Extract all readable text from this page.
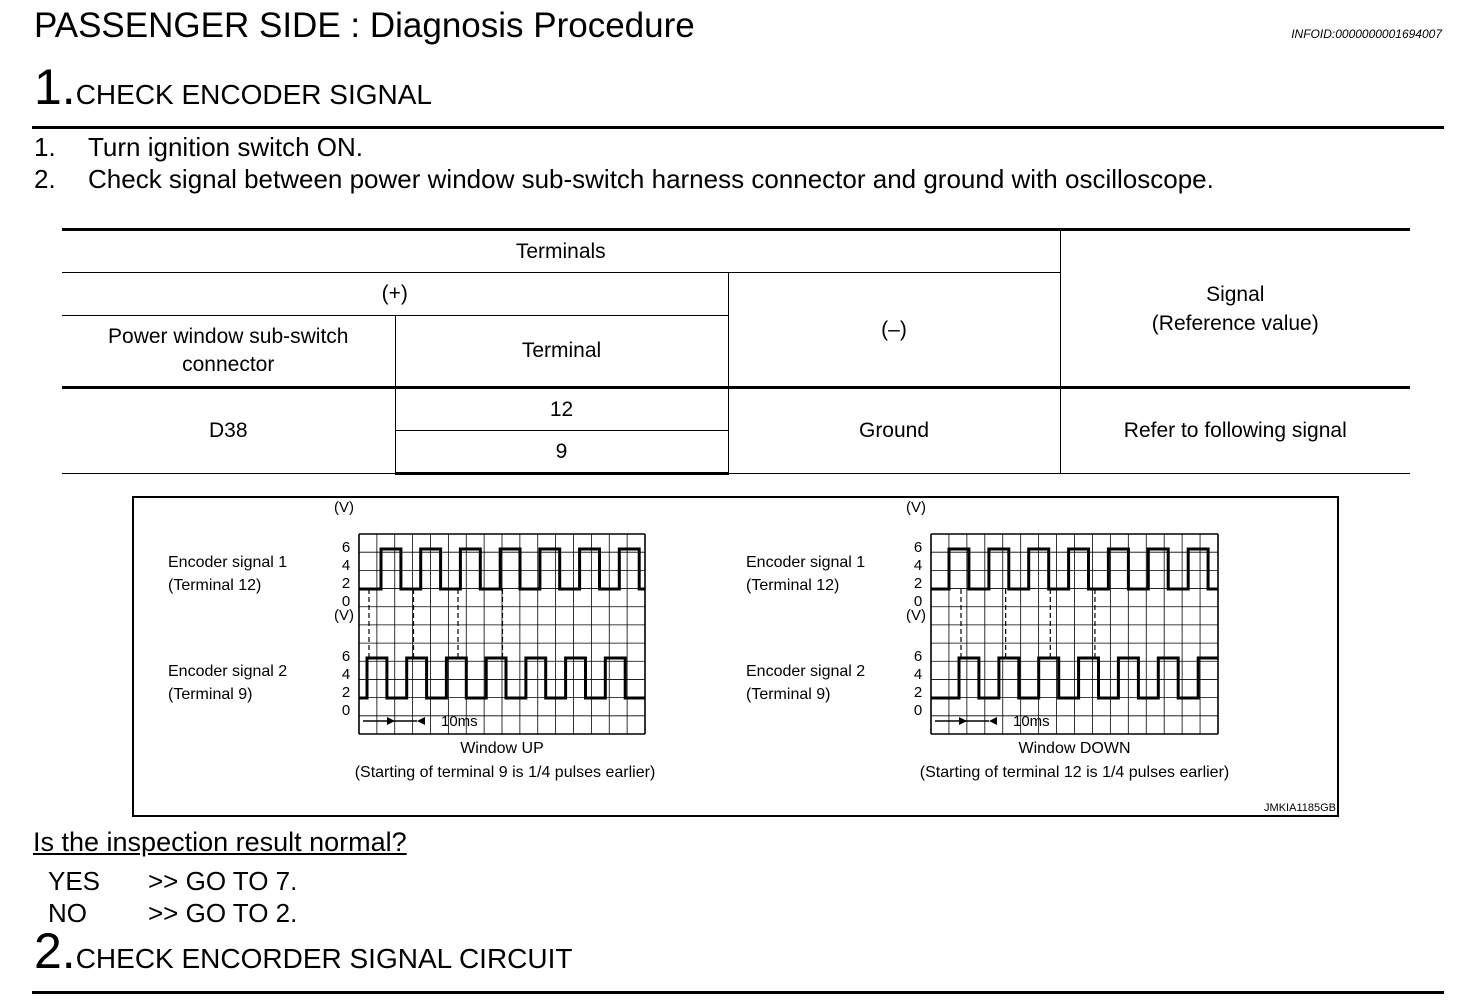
PASSENGER SIDE : Diagnosis Procedure	INFOID:0000000001694007
1.CHECK ENCODER SIGNAL
1. Turn ignition switch ON.
2. Check signal between power window sub-switch harness connector and ground with oscilloscope.
Terminals			Signal
(Reference value)
(+)		(–)	
Power window sub-switch
connector	Terminal		
D38	12	Ground	Refer to following signal
	9		
JMKIA1185GB
10ms
(V)
6
4
2
0
(V)
6
4
2
0
Encoder signal 1
(Terminal 12)
Encoder signal 2
(Terminal 9)
Window UP
(Starting of terminal 9 is 1/4 pulses earlier)
10ms
(V)
6
4
2
0
(V)
6
4
2
0
Encoder signal 1
(Terminal 12)
Encoder signal 2
(Terminal 9)
Window DOWN
(Starting of terminal 12 is 1/4 pulses earlier)
Is the inspection result normal?
YES >> GO TO 7.
NO >> GO TO 2.
2.CHECK ENCORDER SIGNAL CIRCUIT
